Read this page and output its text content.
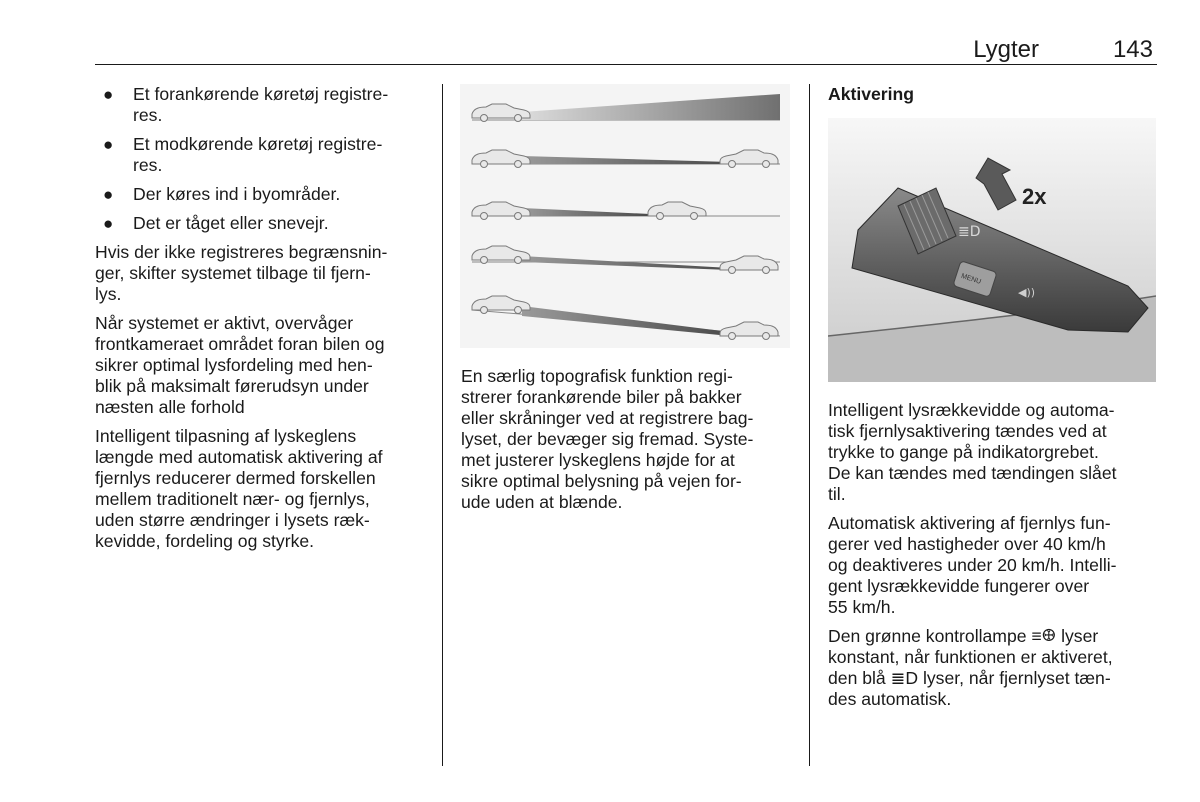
Lygter	143
● Et forankørende køretøj registre-
res.
● Et modkørende køretøj registre-
res.
● Der køres ind i byområder.
● Det er tåget eller snevejr.

Hvis der ikke registreres begrænsnin-
ger, skifter systemet tilbage til fjern-
lys.

Når systemet er aktivt, overvåger
frontkameraet området foran bilen og
sikrer optimal lysfordeling med hen-
blik på maksimalt førerudsyn under
næsten alle forhold

Intelligent tilpasning af lyskeglens
længde med automatisk aktivering af
fjernlys reducerer dermed forskellen
mellem traditionelt nær- og fjernlys,
uden større ændringer i lysets ræk-
kevidde, fordeling og styrke.

En særlig topografisk funktion regi-
strerer forankørende biler på bakker
eller skråninger ved at registrere bag-
lyset, der bevæger sig fremad. Syste-
met justerer lyskeglens højde for at
sikre optimal belysning på vejen for-
ude uden at blænde.

Aktivering
MENU
≣D
◀))
2x

Intelligent lysrækkevidde og automa-
tisk fjernlysaktivering tændes ved at
trykke to gange på indikatorgrebet.
De kan tændes med tændingen slået
til.

Automatisk aktivering af fjernlys fun-
gerer ved hastigheder over 40 km/h
og deaktiveres under 20 km/h. Intelli-
gent lysrækkevidde fungerer over
55 km/h.

Den grønne kontrollampe ≡𐃏 lyser
konstant, når funktionen er aktiveret,
den blå ≣D lyser, når fjernlyset tæn-
des automatisk.
